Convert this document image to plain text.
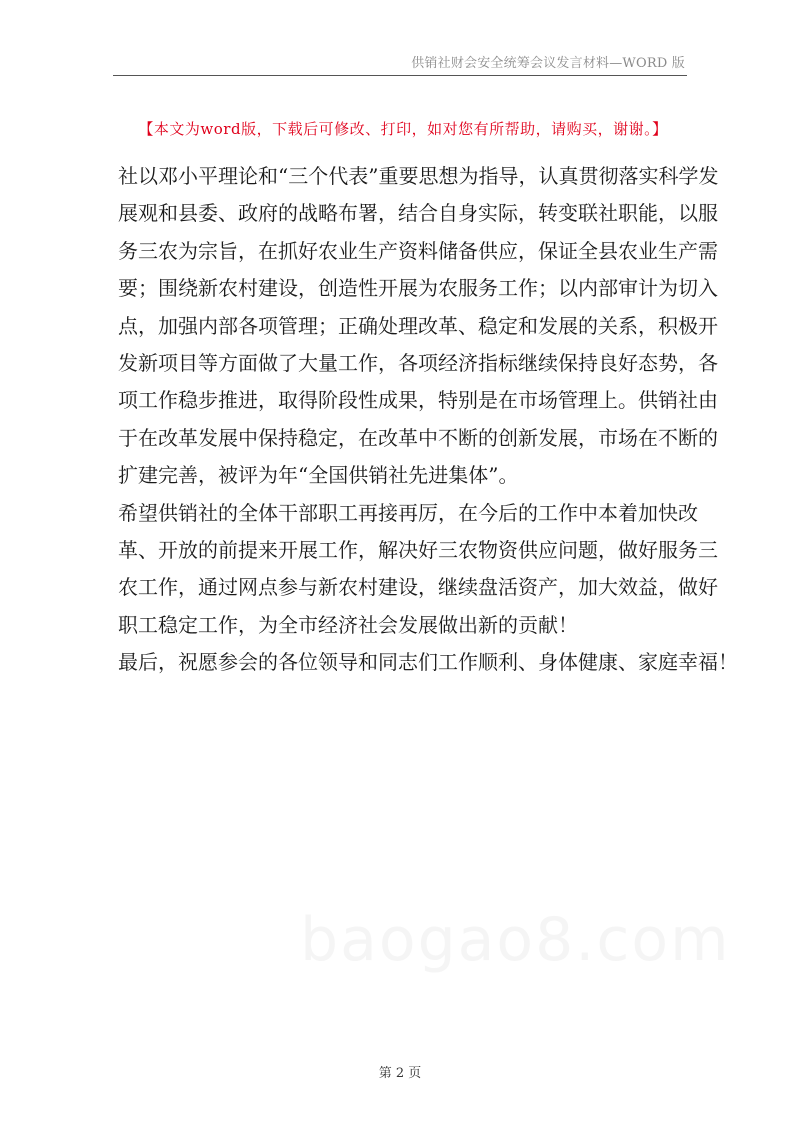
供销社财会安全统筹会议发言材料—WORD 版
【本文为word版，下载后可修改、打印，如对您有所帮助，请购买，谢谢。】
社以邓小平理论和“三个代表”重要思想为指导，认真贯彻落实科学发
展观和县委、政府的战略布署，结合自身实际，转变联社职能，以服
务三农为宗旨，在抓好农业生产资料储备供应，保证全县农业生产需
要；围绕新农村建设，创造性开展为农服务工作；以内部审计为切入
点，加强内部各项管理；正确处理改革、稳定和发展的关系，积极开
发新项目等方面做了大量工作，各项经济指标继续保持良好态势，各
项工作稳步推进，取得阶段性成果，特别是在市场管理上。供销社由
于在改革发展中保持稳定，在改革中不断的创新发展，市场在不断的
扩建完善，被评为年“全国供销社先进集体”。
希望供销社的全体干部职工再接再厉，在今后的工作中本着加快改
革、开放的前提来开展工作，解决好三农物资供应问题，做好服务三
农工作，通过网点参与新农村建设，继续盘活资产，加大效益，做好
职工稳定工作，为全市经济社会发展做出新的贡献！
最后，祝愿参会的各位领导和同志们工作顺利、身体健康、家庭幸福！
baogao8.com
第 2 页
